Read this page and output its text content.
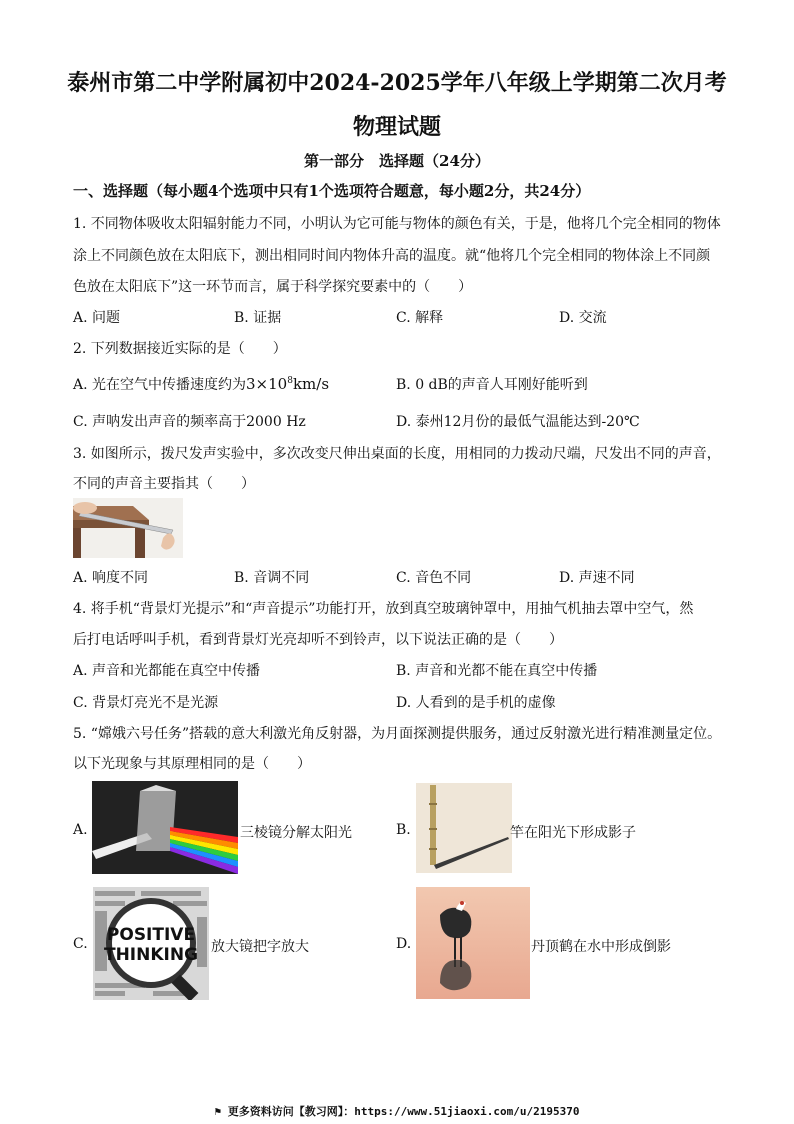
泰州市第二中学附属初中2024-2025学年八年级上学期第二次月考
物理试题
第一部分　选择题（24分）
一、选择题（每小题4个选项中只有1个选项符合题意，每小题2分，共24分）
1. 不同物体吸收太阳辐射能力不同，小明认为它可能与物体的颜色有关，于是，他将几个完全相同的物体
涂上不同颜色放在太阳底下，测出相同时间内物体升高的温度。就“他将几个完全相同的物体涂上不同颜
色放在太阳底下”这一环节而言，属于科学探究要素中的（　　）
A. 问题	B. 证据	C. 解释	D. 交流
2. 下列数据接近实际的是（　　）
A. 光在空气中传播速度约为$3\times 10^8km/s$	B. 0 dB的声音人耳刚好能听到
C. 声呐发出声音的频率高于2000 Hz	D. 泰州12月份的最低气温能达到-20℃
3. 如图所示，拨尺发声实验中，多次改变尺伸出桌面的长度，用相同的力拨动尺端，尺发出不同的声音，
不同的声音主要指其（　　）
A. 响度不同	B. 音调不同	C. 音色不同	D. 声速不同
4. 将手机“背景灯光提示”和“声音提示”功能打开，放到真空玻璃钟罩中，用抽气机抽去罩中空气，然
后打电话呼叫手机，看到背景灯光亮却听不到铃声，以下说法正确的是（　　）
A. 声音和光都能在真空中传播	B. 声音和光都不能在真空中传播
C. 背景灯亮光不是光源	D. 人看到的是手机的虚像
5. “嫦娥六号任务”搭载的意大利激光角反射器，为月面探测提供服务，通过反射激光进行精准测量定位。
以下光现象与其原理相同的是（　　）
A.	三棱镜分解太阳光	B.	竿在阳光下形成影子
C. POSITIVE
THINKING 放大镜把字放大	D.	丹顶鹤在水中形成倒影
⚑ 更多资料访问【教习网】：https://www.51jiaoxi.com/u/2195370
